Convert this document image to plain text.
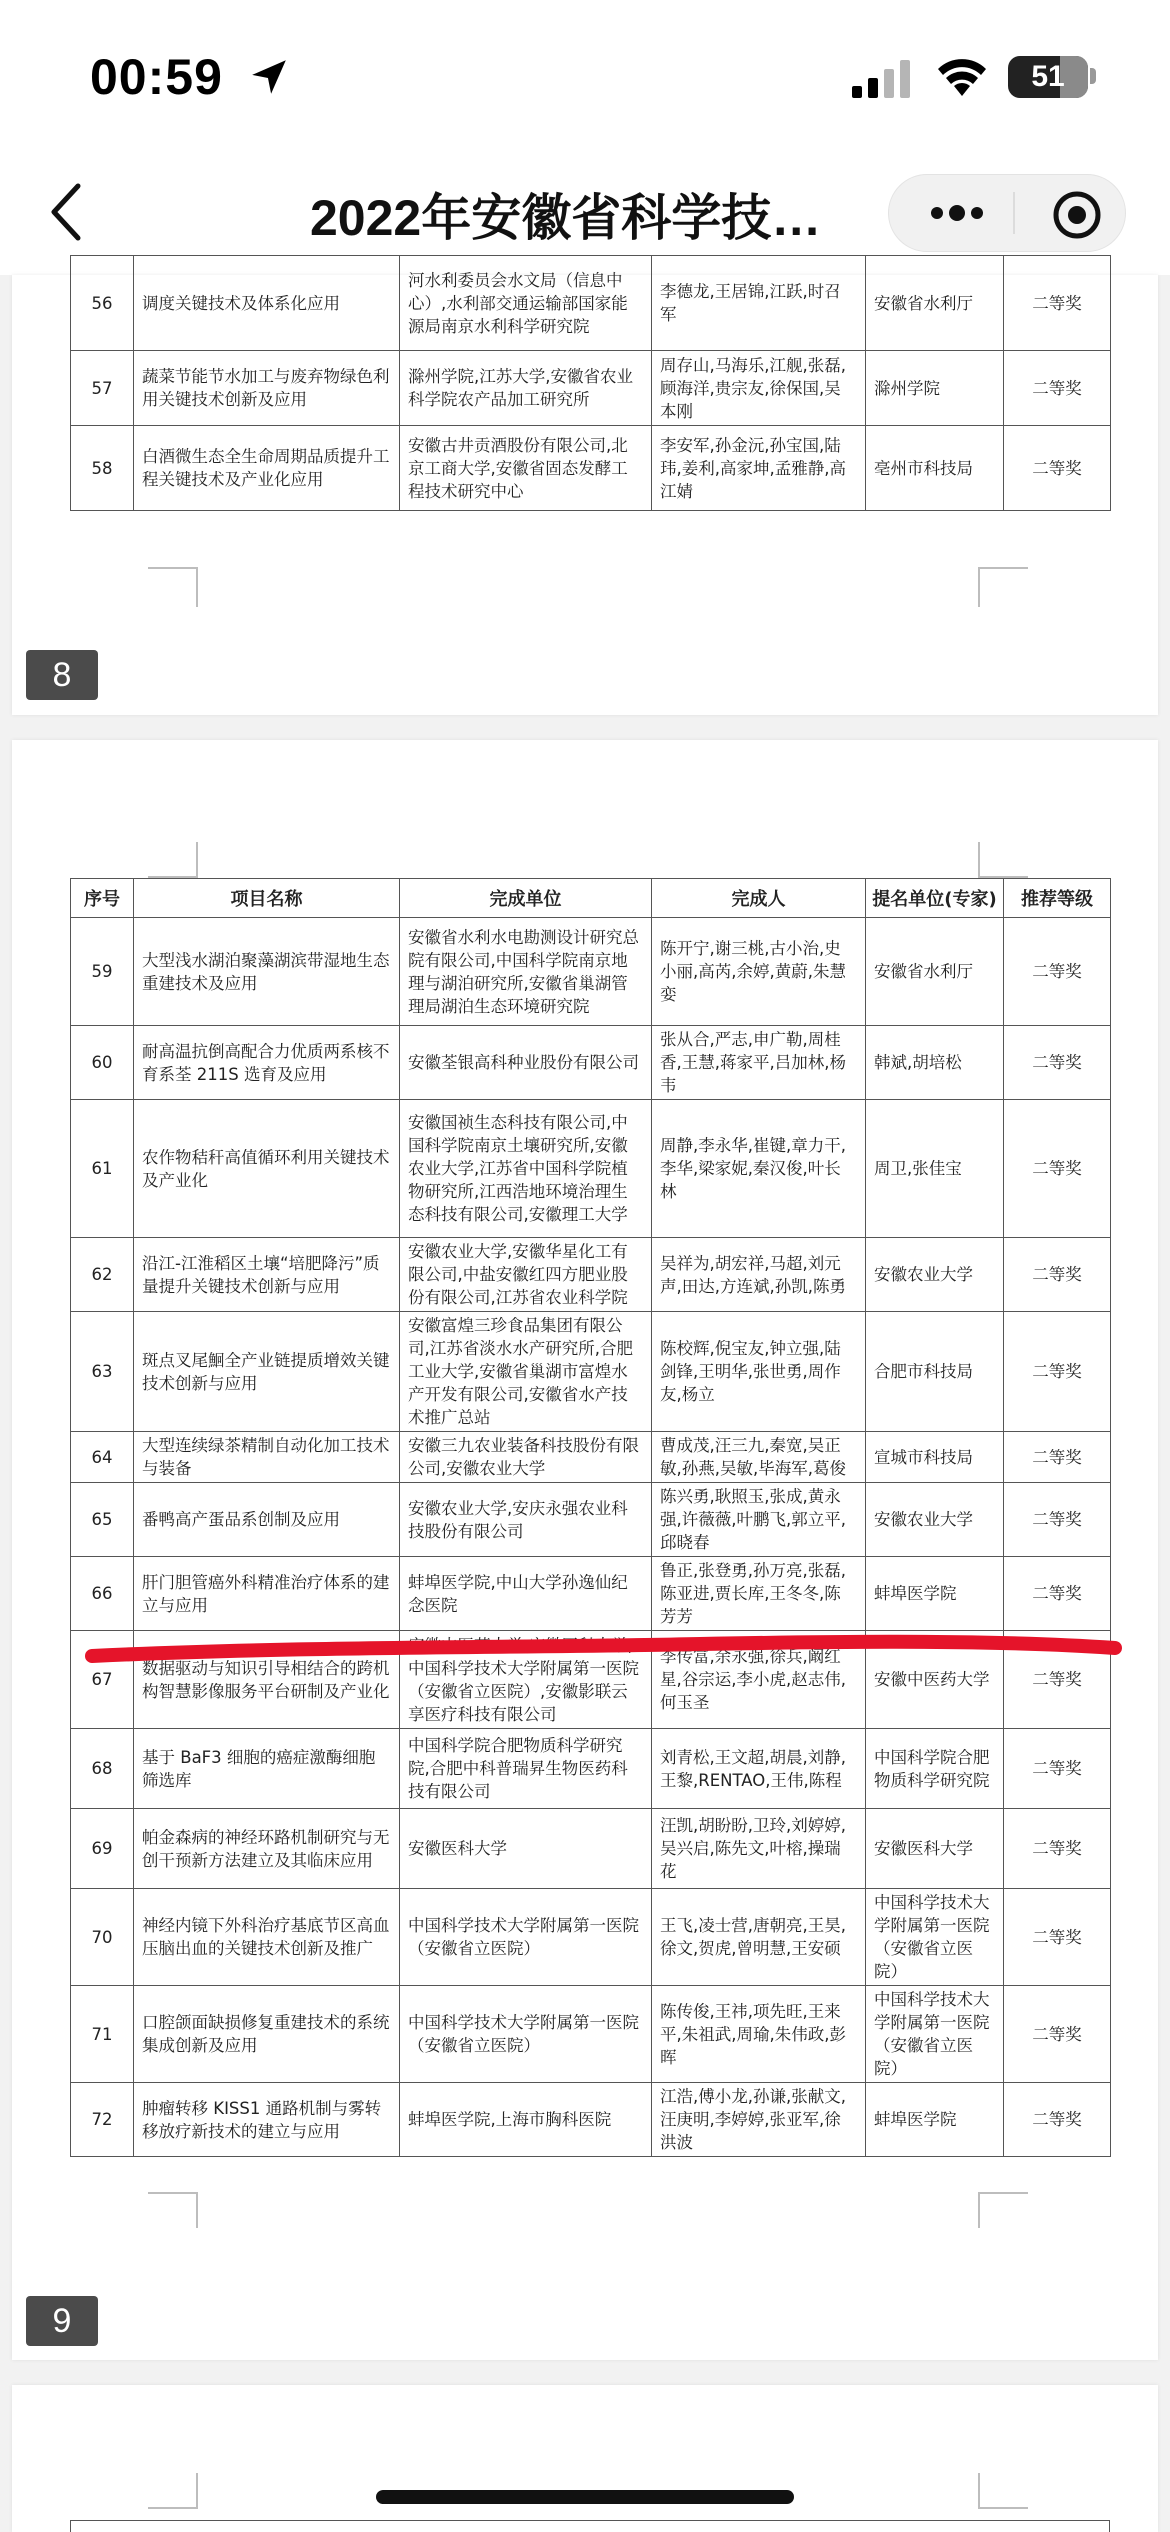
00:59	51
2022年安徽省科学技…
56	调度关键技术及体系化应用	河水利委员会水文局（信息中心）,水利部交通运输部国家能源局南京水利科学研究院	李德龙,王居锦,江跃,时召军	安徽省水利厅	二等奖
57	蔬菜节能节水加工与废弃物绿色利用关键技术创新及应用	滁州学院,江苏大学,安徽省农业科学院农产品加工研究所	周存山,马海乐,江舰,张磊,顾海洋,贵宗友,徐保国,吴本刚	滁州学院	二等奖
58	白酒微生态全生命周期品质提升工程关键技术及产业化应用	安徽古井贡酒股份有限公司,北京工商大学,安徽省固态发酵工程技术研究中心	李安军,孙金沅,孙宝国,陆玮,姜利,高家坤,孟雅静,高江婧	亳州市科技局	二等奖
8
序号	项目名称	完成单位	完成人	提名单位(专家)	推荐等级
59	大型浅水湖泊聚藻湖滨带湿地生态重建技术及应用	安徽省水利水电勘测设计研究总院有限公司,中国科学院南京地理与湖泊研究所,安徽省巢湖管理局湖泊生态环境研究院	陈开宁,谢三桃,古小治,史小丽,高芮,余婷,黄蔚,朱慧娈	安徽省水利厅	二等奖
60	耐高温抗倒高配合力优质两系核不育系荃 211S 选育及应用	安徽荃银高科种业股份有限公司	张从合,严志,申广勒,周桂香,王慧,蒋家平,吕加林,杨韦	韩斌,胡培松	二等奖
61	农作物秸秆高值循环利用关键技术及产业化	安徽国祯生态科技有限公司,中国科学院南京土壤研究所,安徽农业大学,江苏省中国科学院植物研究所,江西浩地环境治理生态科技有限公司,安徽理工大学	周静,李永华,崔键,章力干,李华,梁家妮,秦汉俊,叶长林	周卫,张佳宝	二等奖
62	沿江-江淮稻区土壤“培肥降污”质量提升关键技术创新与应用	安徽农业大学,安徽华星化工有限公司,中盐安徽红四方肥业股份有限公司,江苏省农业科学院	吴祥为,胡宏祥,马超,刘元声,田达,方连斌,孙凯,陈勇	安徽农业大学	二等奖
63	斑点叉尾鮰全产业链提质增效关键技术创新与应用	安徽富煌三珍食品集团有限公司,江苏省淡水水产研究所,合肥工业大学,安徽省巢湖市富煌水产开发有限公司,安徽省水产技术推广总站	陈校辉,倪宝友,钟立强,陆剑锋,王明华,张世勇,周作友,杨立	合肥市科技局	二等奖
64	大型连续绿茶精制自动化加工技术与装备	安徽三九农业装备科技股份有限公司,安徽农业大学	曹成茂,汪三九,秦宽,吴正敏,孙燕,吴敏,毕海军,葛俊	宣城市科技局	二等奖
65	番鸭高产蛋品系创制及应用	安徽农业大学,安庆永强农业科技股份有限公司	陈兴勇,耿照玉,张成,黄永强,许薇薇,叶鹏飞,郭立平,邱晓春	安徽农业大学	二等奖
66	肝门胆管癌外科精准治疗体系的建立与应用	蚌埠医学院,中山大学孙逸仙纪念医院	鲁正,张登勇,孙万亮,张磊,陈亚进,贾长库,王冬冬,陈芳芳	蚌埠医学院	二等奖
67	数据驱动与知识引导相结合的跨机构智慧影像服务平台研制及产业化	安徽中医药大学,安徽医科大学,中国科学技术大学附属第一医院（安徽省立医院）,安徽影联云享医疗科技有限公司	李传富,余永强,徐兵,阚红星,谷宗运,李小虎,赵志伟,何玉圣	安徽中医药大学	二等奖
68	基于 BaF3 细胞的癌症激酶细胞筛选库	中国科学院合肥物质科学研究院,合肥中科普瑞昇生物医药科技有限公司	刘青松,王文超,胡晨,刘静,王黎,RENTAO,王伟,陈程	中国科学院合肥物质科学研究院	二等奖
69	帕金森病的神经环路机制研究与无创干预新方法建立及其临床应用	安徽医科大学	汪凯,胡盼盼,卫玲,刘婷婷,吴兴启,陈先文,叶榕,操瑞花	安徽医科大学	二等奖
70	神经内镜下外科治疗基底节区高血压脑出血的关键技术创新及推广	中国科学技术大学附属第一医院（安徽省立医院）	王飞,凌士营,唐朝亮,王昊,徐文,贺虎,曾明慧,王安硕	中国科学技术大学附属第一医院（安徽省立医院）	二等奖
71	口腔颌面缺损修复重建技术的系统集成创新及应用	中国科学技术大学附属第一医院（安徽省立医院）	陈传俊,王祎,项先旺,王来平,朱祖武,周瑜,朱伟政,彭晖	中国科学技术大学附属第一医院（安徽省立医院）	二等奖
72	肿瘤转移 KISS1 通路机制与雾转移放疗新技术的建立与应用	蚌埠医学院,上海市胸科医院	江浩,傅小龙,孙谦,张献文,汪庚明,李婷婷,张亚军,徐洪波	蚌埠医学院	二等奖
9
